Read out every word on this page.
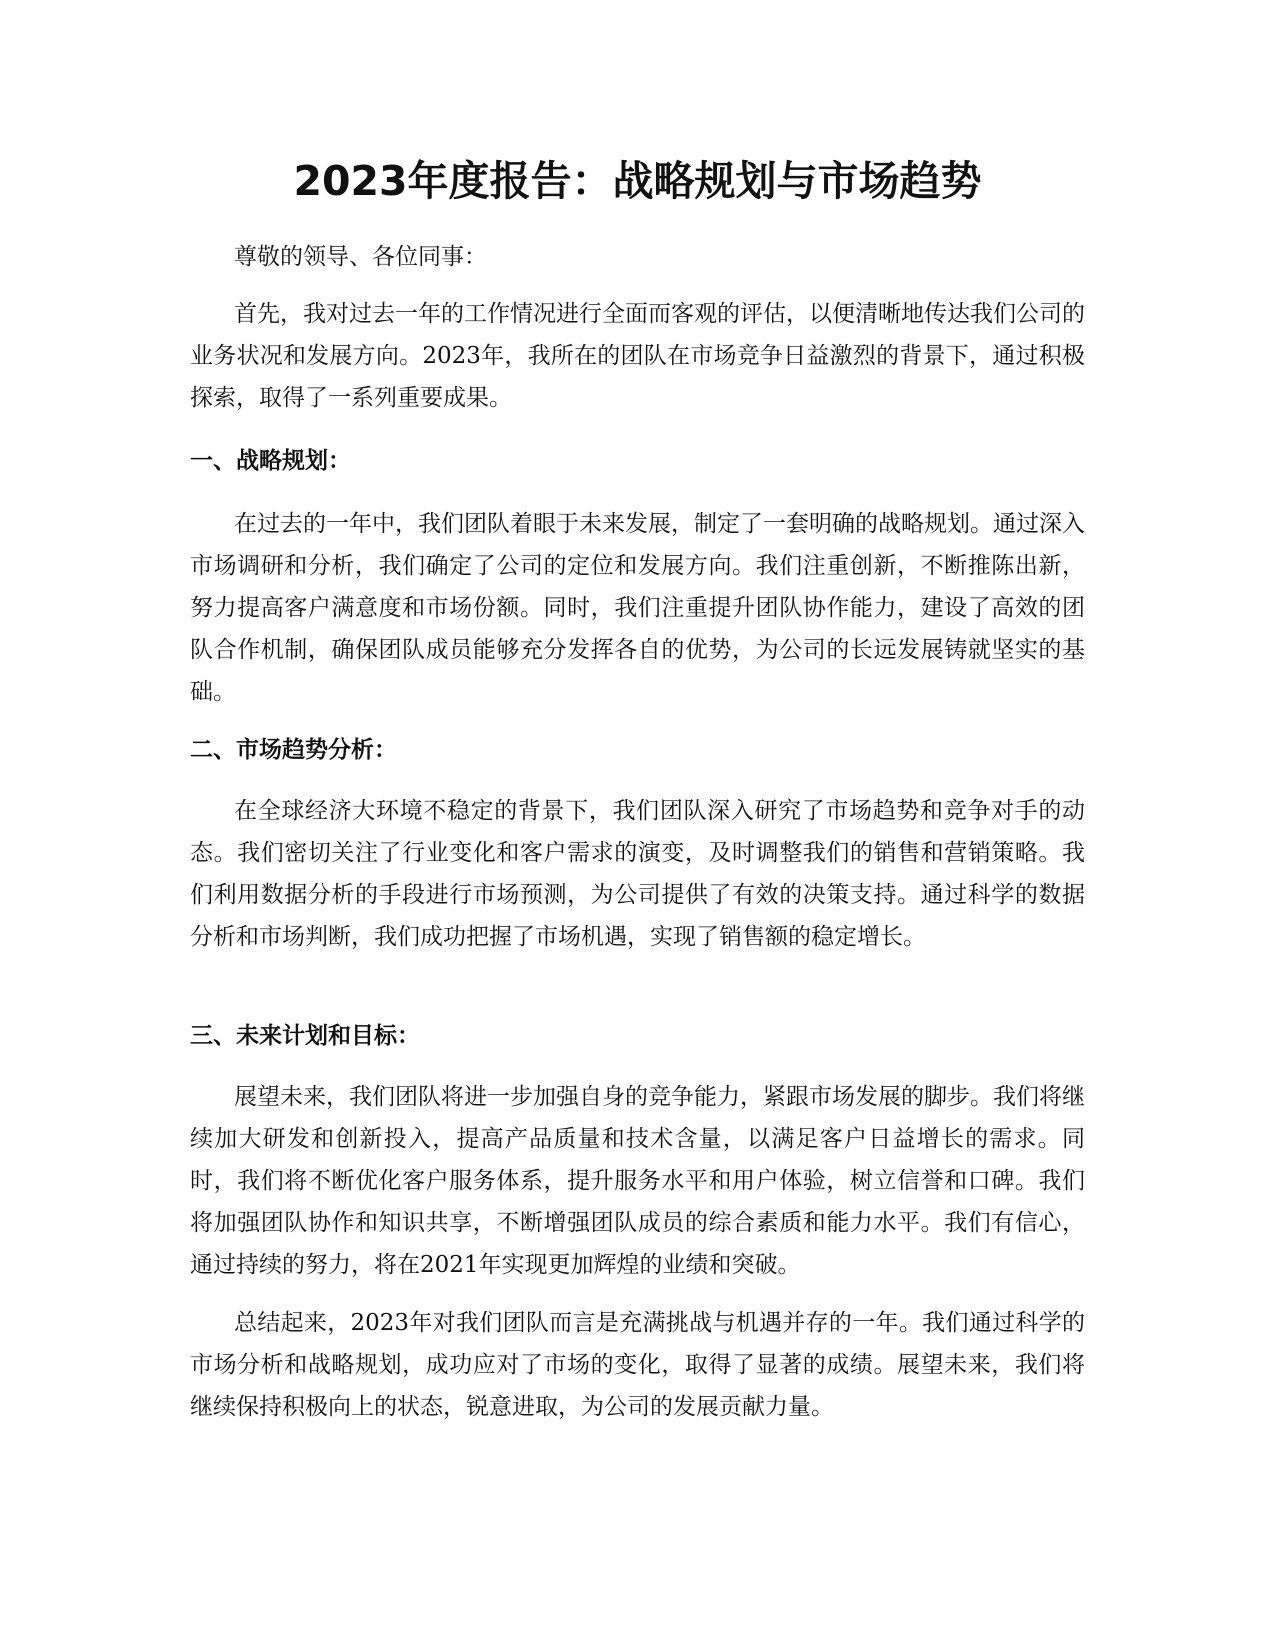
2023年度报告：战略规划与市场趋势

尊敬的领导、各位同事：

首先，我对过去一年的工作情况进行全面而客观的评估，以便清晰地传达我们公司的业务状况和发展方向。2023年，我所在的团队在市场竞争日益激烈的背景下，通过积极探索，取得了一系列重要成果。

一、战略规划：

在过去的一年中，我们团队着眼于未来发展，制定了一套明确的战略规划。通过深入市场调研和分析，我们确定了公司的定位和发展方向。我们注重创新，不断推陈出新，努力提高客户满意度和市场份额。同时，我们注重提升团队协作能力，建设了高效的团队合作机制，确保团队成员能够充分发挥各自的优势，为公司的长远发展铸就坚实的基础。

二、市场趋势分析：

在全球经济大环境不稳定的背景下，我们团队深入研究了市场趋势和竞争对手的动态。我们密切关注了行业变化和客户需求的演变，及时调整我们的销售和营销策略。我们利用数据分析的手段进行市场预测，为公司提供了有效的决策支持。通过科学的数据分析和市场判断，我们成功把握了市场机遇，实现了销售额的稳定增长。

三、未来计划和目标：

展望未来，我们团队将进一步加强自身的竞争能力，紧跟市场发展的脚步。我们将继续加大研发和创新投入，提高产品质量和技术含量，以满足客户日益增长的需求。同时，我们将不断优化客户服务体系，提升服务水平和用户体验，树立信誉和口碑。我们将加强团队协作和知识共享，不断增强团队成员的综合素质和能力水平。我们有信心，通过持续的努力，将在2021年实现更加辉煌的业绩和突破。

总结起来，2023年对我们团队而言是充满挑战与机遇并存的一年。我们通过科学的市场分析和战略规划，成功应对了市场的变化，取得了显著的成绩。展望未来，我们将继续保持积极向上的状态，锐意进取，为公司的发展贡献力量。
